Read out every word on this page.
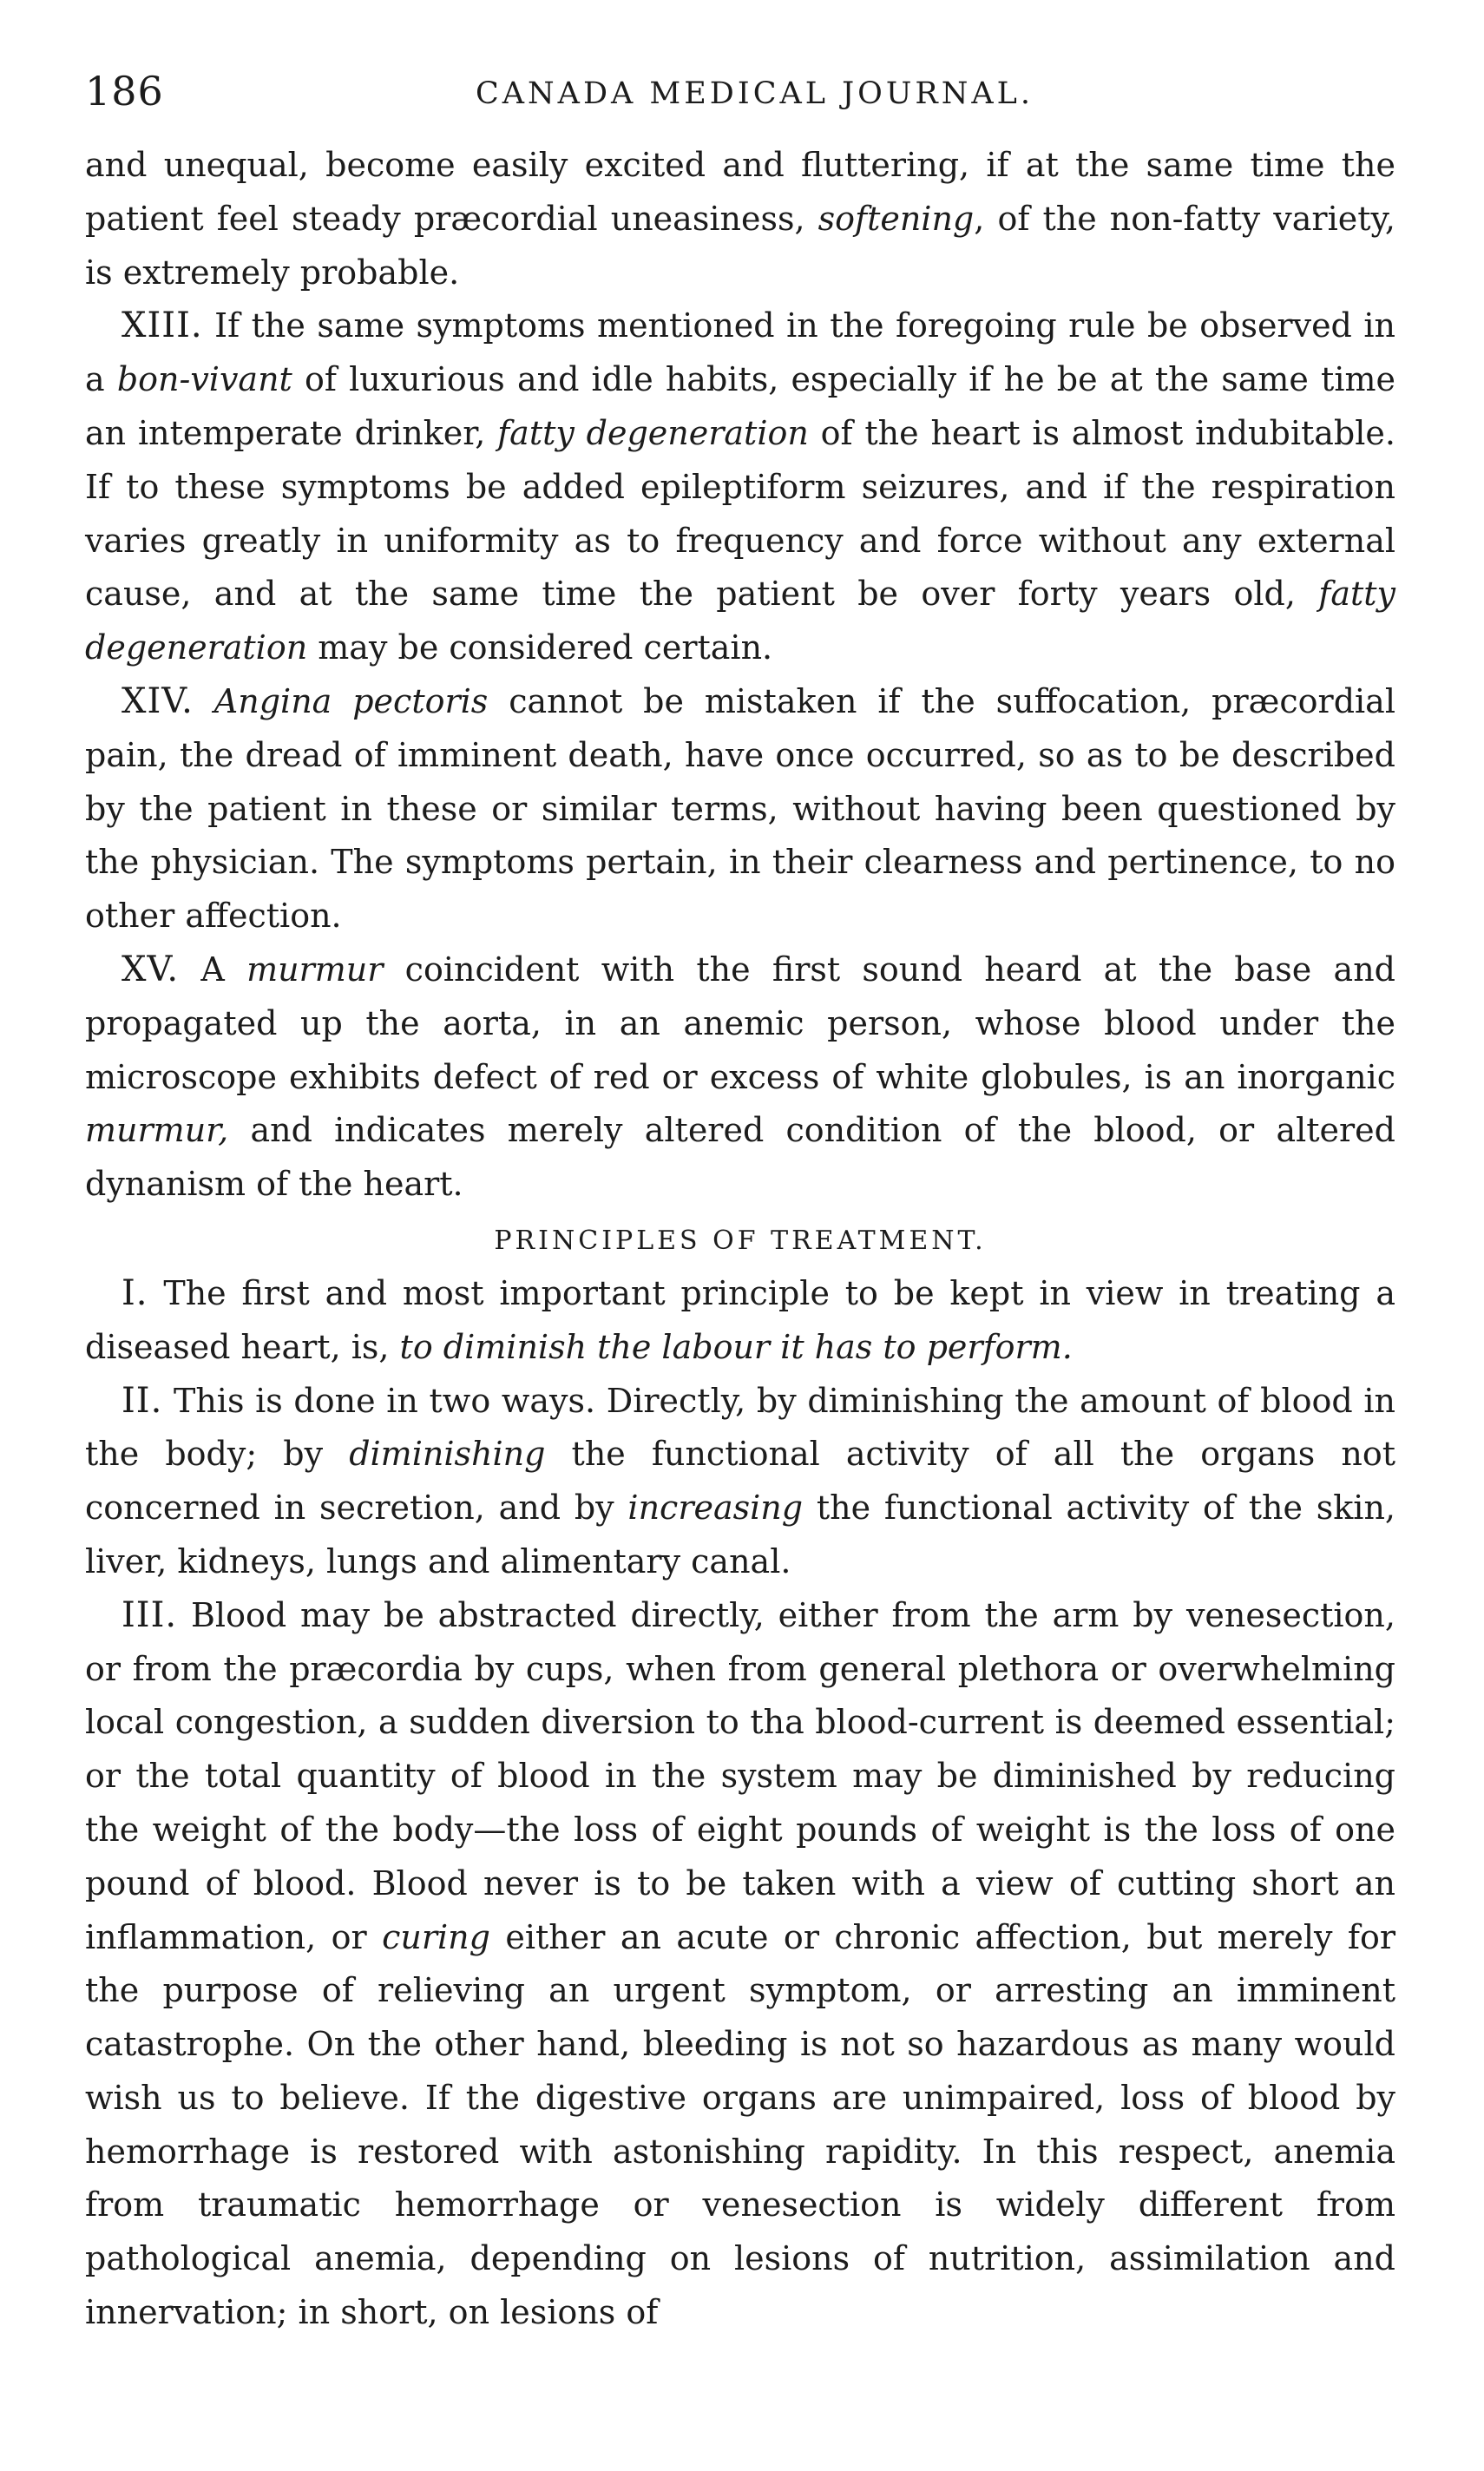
186	CANADA MEDICAL JOURNAL.

and unequal, become easily excited and fluttering, if at the same time the patient feel steady præcordial uneasiness, softening, of the non-fatty variety, is extremely probable.

XIII. If the same symptoms mentioned in the foregoing rule be observed in a bon-vivant of luxurious and idle habits, especially if he be at the same time an intemperate drinker, fatty degeneration of the heart is almost indubitable. If to these symptoms be added epileptiform seizures, and if the respiration varies greatly in uniformity as to frequency and force without any external cause, and at the same time the patient be over forty years old, fatty degeneration may be considered certain.

XIV. Angina pectoris cannot be mistaken if the suffocation, præcordial pain, the dread of imminent death, have once occurred, so as to be described by the patient in these or similar terms, without having been questioned by the physician. The symptoms pertain, in their clearness and pertinence, to no other affection.

XV. A murmur coincident with the first sound heard at the base and propagated up the aorta, in an anemic person, whose blood under the microscope exhibits defect of red or excess of white globules, is an inorganic murmur, and indicates merely altered condition of the blood, or altered dynanism of the heart.

PRINCIPLES OF TREATMENT.

I. The first and most important principle to be kept in view in treating a diseased heart, is, to diminish the labour it has to perform.

II. This is done in two ways. Directly, by diminishing the amount of blood in the body; by diminishing the functional activity of all the organs not concerned in secretion, and by increasing the functional activity of the skin, liver, kidneys, lungs and alimentary canal.

III. Blood may be abstracted directly, either from the arm by venesection, or from the præcordia by cups, when from general plethora or overwhelming local congestion, a sudden diversion to tha blood-current is deemed essential; or the total quantity of blood in the system may be diminished by reducing the weight of the body—the loss of eight pounds of weight is the loss of one pound of blood. Blood never is to be taken with a view of cutting short an inflammation, or curing either an acute or chronic affection, but merely for the purpose of relieving an urgent symptom, or arresting an imminent catastrophe. On the other hand, bleeding is not so hazardous as many would wish us to believe. If the digestive organs are unimpaired, loss of blood by hemorrhage is restored with astonishing rapidity. In this respect, anemia from traumatic hemorrhage or venesection is widely different from pathological anemia, depending on lesions of nutrition, assimilation and innervation; in short, on lesions of
